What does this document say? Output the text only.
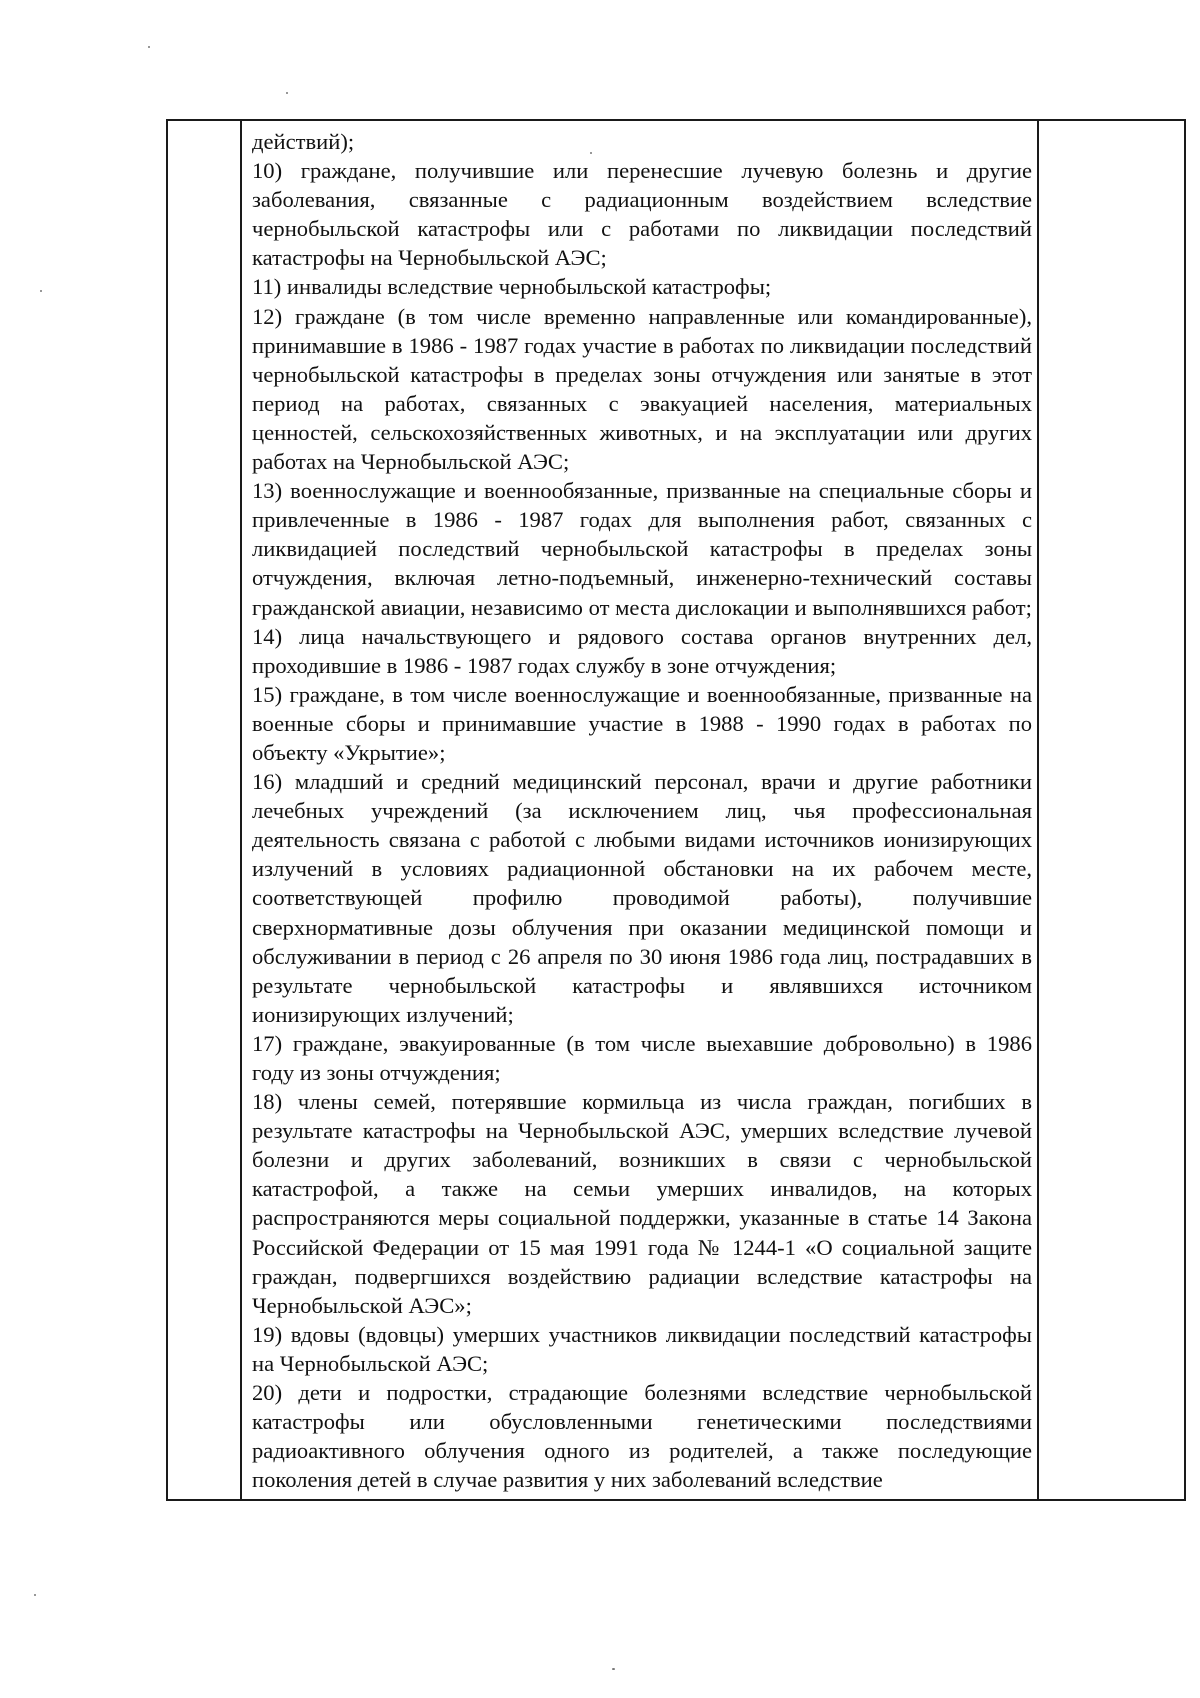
действий);

10) граждане, получившие или перенесшие лучевую болезнь и другие заболевания, связанные с радиационным воздействием вследствие чернобыльской катастрофы или с работами по ликвидации последствий катастрофы на Чернобыльской АЭС;

11) инвалиды вследствие чернобыльской катастрофы;

12) граждане (в том числе временно направленные или командированные), принимавшие в 1986 - 1987 годах участие в работах по ликвидации последствий чернобыльской катастрофы в пределах зоны отчуждения или занятые в этот период на работах, связанных с эвакуацией населения, материальных ценностей, сельскохозяйственных животных, и на эксплуатации или других работах на Чернобыльской АЭС;

13) военнослужащие и военнообязанные, призванные на специальные сборы и привлеченные в 1986 - 1987 годах для выполнения работ, связанных с ликвидацией последствий чернобыльской катастрофы в пределах зоны отчуждения, включая летно-подъемный, инженерно-технический составы гражданской авиации, независимо от места дислокации и выполнявшихся работ;

14) лица начальствующего и рядового состава органов внутренних дел, проходившие в 1986 - 1987 годах службу в зоне отчуждения;

15) граждане, в том числе военнослужащие и военнообязанные, призванные на военные сборы и принимавшие участие в 1988 - 1990 годах в работах по объекту «Укрытие»;

16) младший и средний медицинский персонал, врачи и другие работники лечебных учреждений (за исключением лиц, чья профессиональная деятельность связана с работой с любыми видами источников ионизирующих излучений в условиях радиационной обстановки на их рабочем месте, соответствующей профилю проводимой работы), получившие сверхнормативные дозы облучения при оказании медицинской помощи и обслуживании в период с 26 апреля по 30 июня 1986 года лиц, пострадавших в результате чернобыльской катастрофы и являвшихся источником ионизирующих излучений;

17) граждане, эвакуированные (в том числе выехавшие добровольно) в 1986 году из зоны отчуждения;

18) члены семей, потерявшие кормильца из числа граждан, погибших в результате катастрофы на Чернобыльской АЭС, умерших вследствие лучевой болезни и других заболеваний, возникших в связи с чернобыльской катастрофой, а также на семьи умерших инвалидов, на которых распространяются меры социальной поддержки, указанные в статье 14 Закона Российской Федерации от 15 мая 1991 года № 1244-1 «О социальной защите граждан, подвергшихся воздействию радиации вследствие катастрофы на Чернобыльской АЭС»;

19) вдовы (вдовцы) умерших участников ликвидации последствий катастрофы на Чернобыльской АЭС;

20) дети и подростки, страдающие болезнями вследствие чернобыльской катастрофы или обусловленными генетическими последствиями радиоактивного облучения одного из родителей, а также последующие поколения детей в случае развития у них заболеваний вследствие
